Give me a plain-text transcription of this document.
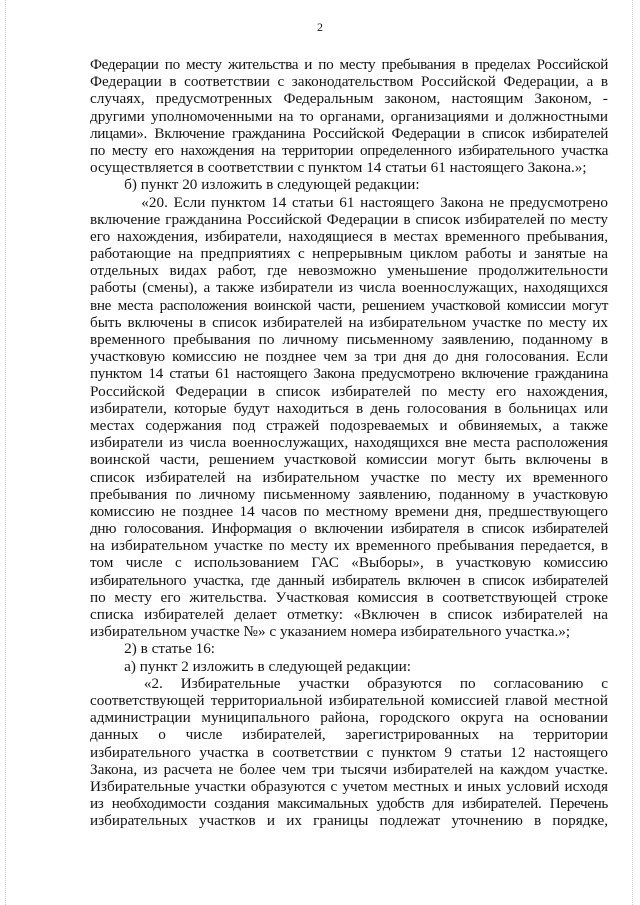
2
Федерации по месту жительства и по месту пребывания в пределах Российской
Федерации в соответствии с законодательством Российской Федерации, а в
случаях, предусмотренных Федеральным законом, настоящим Законом, -
другими уполномоченными на то органами, организациями и должностными
лицами». Включение гражданина Российской Федерации в список избирателей
по месту его нахождения на территории определенного избирательного участка
осуществляется в соответствии с пунктом 14 статьи 61 настоящего Закона.»;
б) пункт 20 изложить в следующей редакции:
«20. Если пунктом 14 статьи 61 настоящего Закона не предусмотрено
включение гражданина Российской Федерации в список избирателей по месту
его нахождения, избиратели, находящиеся в местах временного пребывания,
работающие на предприятиях с непрерывным циклом работы и занятые на
отдельных видах работ, где невозможно уменьшение продолжительности
работы (смены), а также избиратели из числа военнослужащих, находящихся
вне места расположения воинской части, решением участковой комиссии могут
быть включены в список избирателей на избирательном участке по месту их
временного пребывания по личному письменному заявлению, поданному в
участковую комиссию не позднее чем за три дня до дня голосования. Если
пунктом 14 статьи 61 настоящего Закона предусмотрено включение гражданина
Российской Федерации в список избирателей по месту его нахождения,
избиратели, которые будут находиться в день голосования в больницах или
местах содержания под стражей подозреваемых и обвиняемых, а также
избиратели из числа военнослужащих, находящихся вне места расположения
воинской части, решением участковой комиссии могут быть включены в
список избирателей на избирательном участке по месту их временного
пребывания по личному письменному заявлению, поданному в участковую
комиссию не позднее 14 часов по местному времени дня, предшествующего
дню голосования. Информация о включении избирателя в список избирателей
на избирательном участке по месту их временного пребывания передается, в
том числе с использованием ГАС «Выборы», в участковую комиссию
избирательного участка, где данный избиратель включен в список избирателей
по месту его жительства. Участковая комиссия в соответствующей строке
списка избирателей делает отметку: «Включен в список избирателей на
избирательном участке №» с указанием номера избирательного участка.»;
2) в статье 16:
а) пункт 2 изложить в следующей редакции:
«2.   Избирательные   участки   образуются   по   согласованию   с
соответствующей территориальной избирательной комиссией главой местной
администрации муниципального района, городского округа на основании
данных о числе избирателей, зарегистрированных на территории
избирательного участка в соответствии с пунктом 9 статьи 12 настоящего
Закона, из расчета не более чем три тысячи избирателей на каждом участке.
Избирательные участки образуются с учетом местных и иных условий исходя
из необходимости создания максимальных удобств для избирателей. Перечень
избирательных участков и их границы подлежат уточнению в порядке,
